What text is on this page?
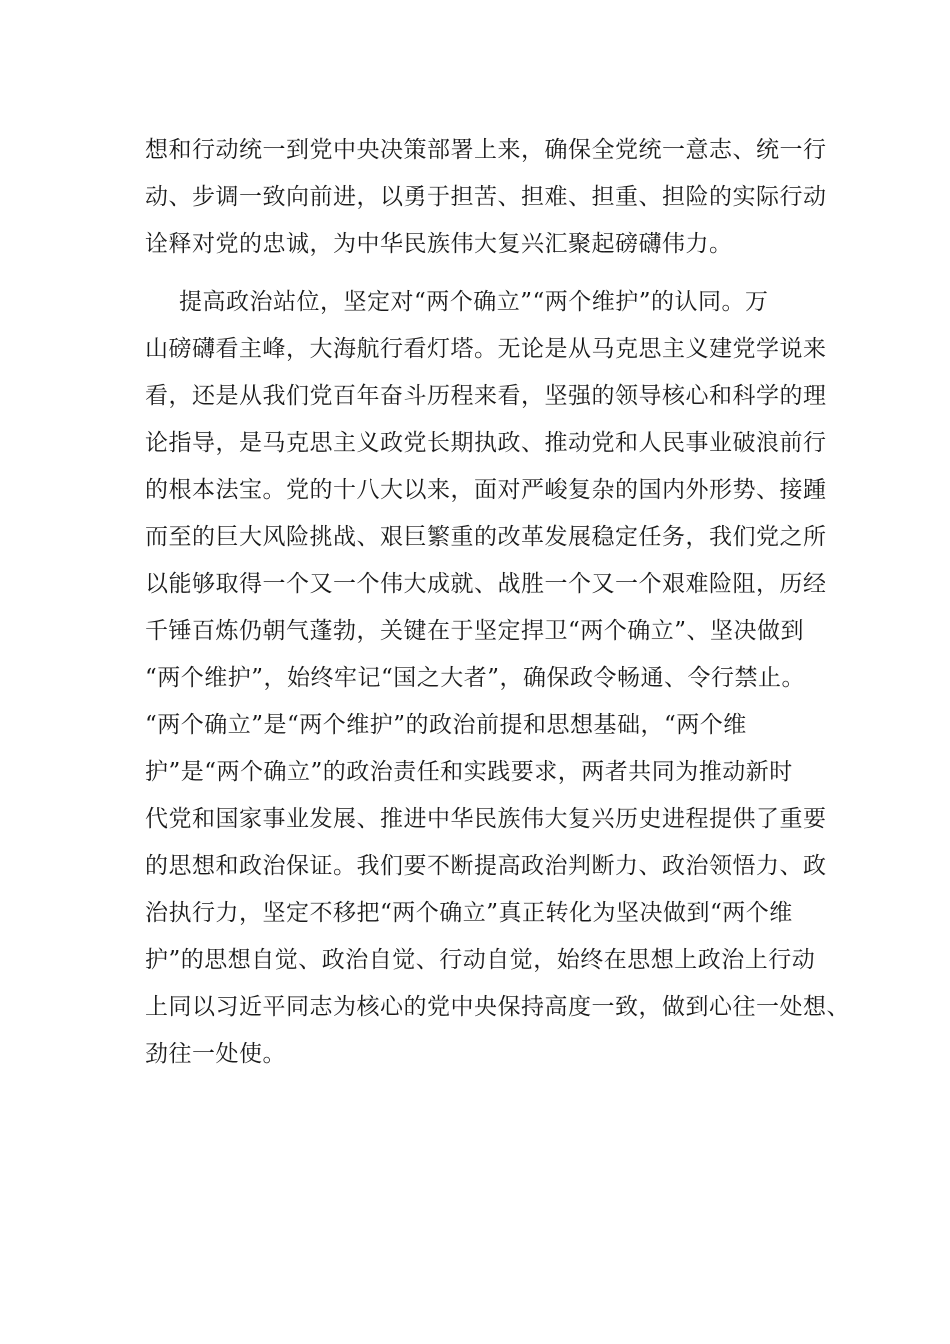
想和行动统一到党中央决策部署上来，确保全党统一意志、统一行
动、步调一致向前进，以勇于担苦、担难、担重、担险的实际行动
诠释对党的忠诚，为中华民族伟大复兴汇聚起磅礴伟力。
提高政治站位，坚定对“两个确立”“两个维护”的认同。万
山磅礴看主峰，大海航行看灯塔。无论是从马克思主义建党学说来
看，还是从我们党百年奋斗历程来看，坚强的领导核心和科学的理
论指导，是马克思主义政党长期执政、推动党和人民事业破浪前行
的根本法宝。党的十八大以来，面对严峻复杂的国内外形势、接踵
而至的巨大风险挑战、艰巨繁重的改革发展稳定任务，我们党之所
以能够取得一个又一个伟大成就、战胜一个又一个艰难险阻，历经
千锤百炼仍朝气蓬勃，关键在于坚定捍卫“两个确立”、坚决做到
“两个维护”，始终牢记“国之大者”，确保政令畅通、令行禁止。
“两个确立”是“两个维护”的政治前提和思想基础，“两个维
护”是“两个确立”的政治责任和实践要求，两者共同为推动新时
代党和国家事业发展、推进中华民族伟大复兴历史进程提供了重要
的思想和政治保证。我们要不断提高政治判断力、政治领悟力、政
治执行力，坚定不移把“两个确立”真正转化为坚决做到“两个维
护”的思想自觉、政治自觉、行动自觉，始终在思想上政治上行动
上同以习近平同志为核心的党中央保持高度一致，做到心往一处想、
劲往一处使。
